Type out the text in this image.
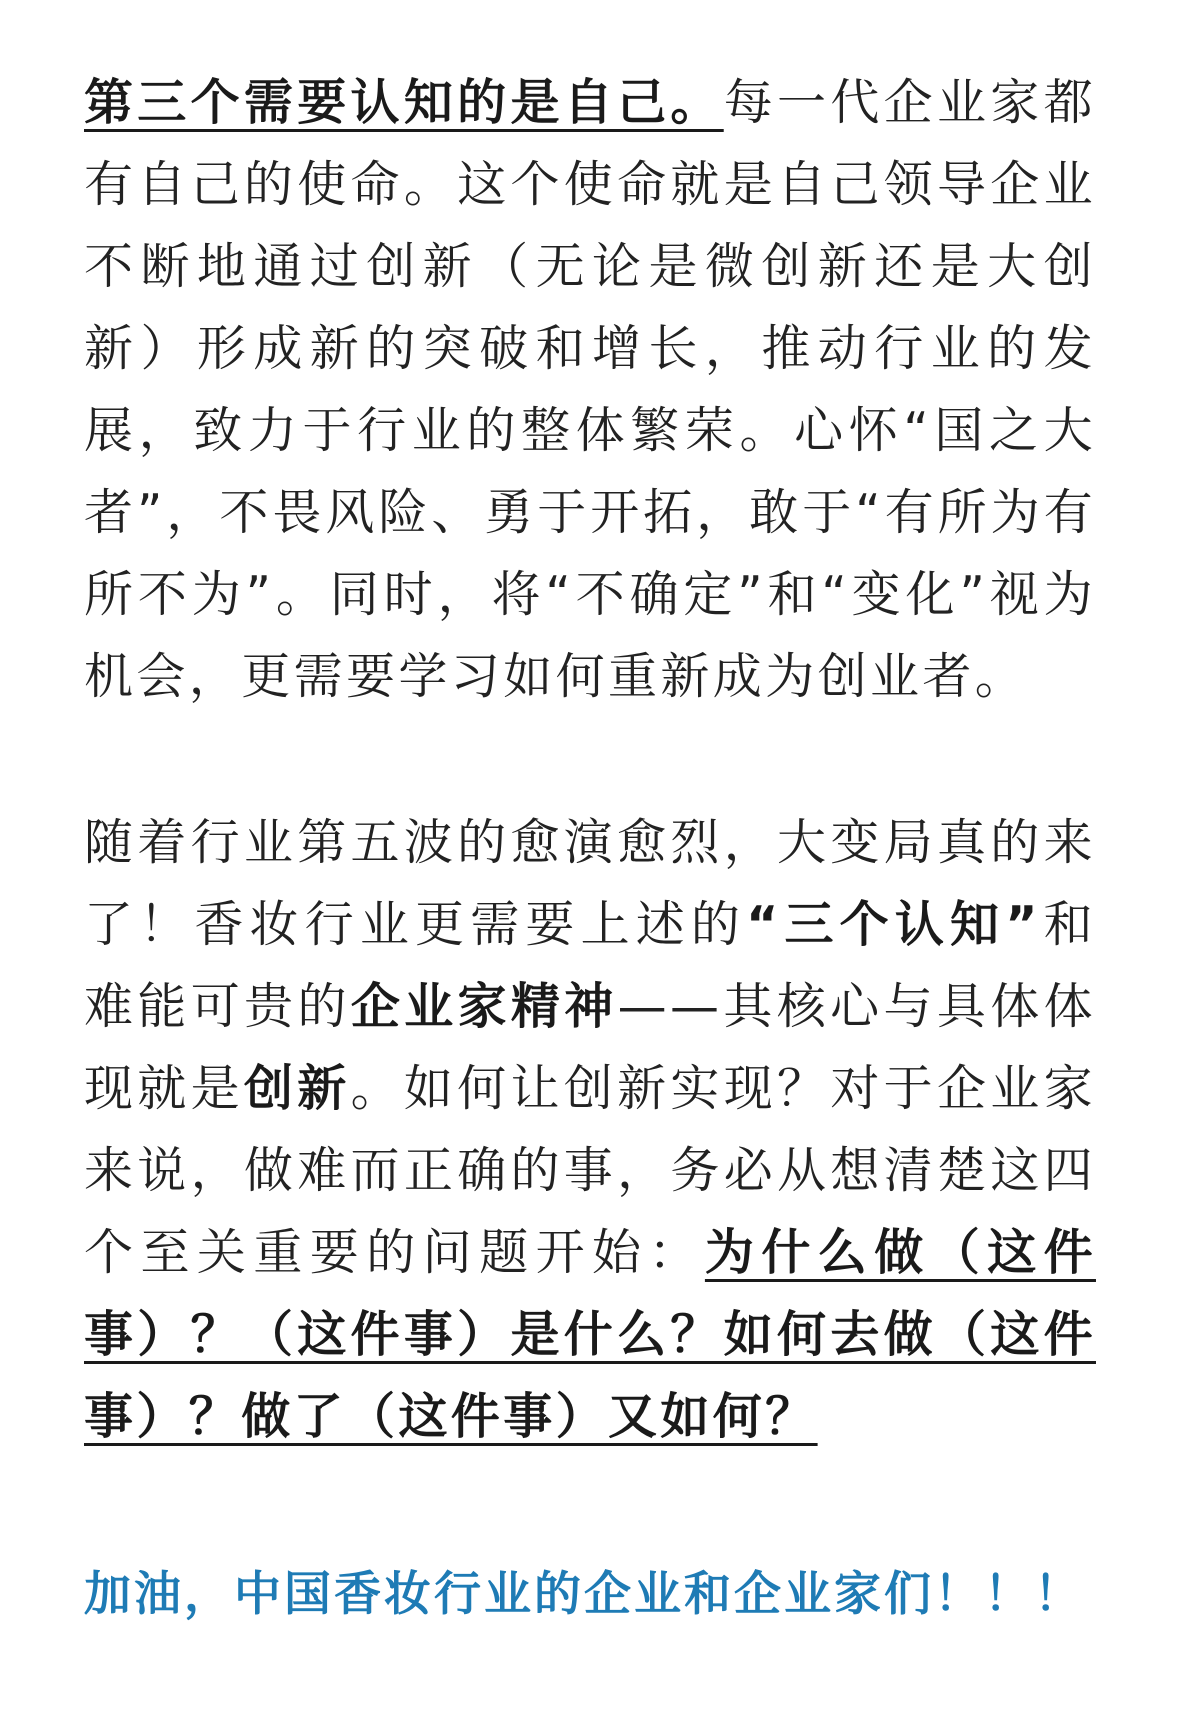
第三个需要认知的是自己。每一代企业家都有自己的使命。这个使命就是自己领导企业不断地通过创新（无论是微创新还是大创新）形成新的突破和增长，推动行业的发展，致力于行业的整体繁荣。心怀“国之大者”，不畏风险、勇于开拓，敢于“有所为有所不为”。同时，将“不确定”和“变化”视为机会，更需要学习如何重新成为创业者。

随着行业第五波的愈演愈烈，大变局真的来了！香妆行业更需要上述的“三个认知”和难能可贵的企业家精神——其核心与具体体现就是创新。如何让创新实现？对于企业家来说，做难而正确的事，务必从想清楚这四个至关重要的问题开始：为什么做（这件事）？（这件事）是什么？如何去做（这件事）？做了（这件事）又如何？

加油，中国香妆行业的企业和企业家们！！！
